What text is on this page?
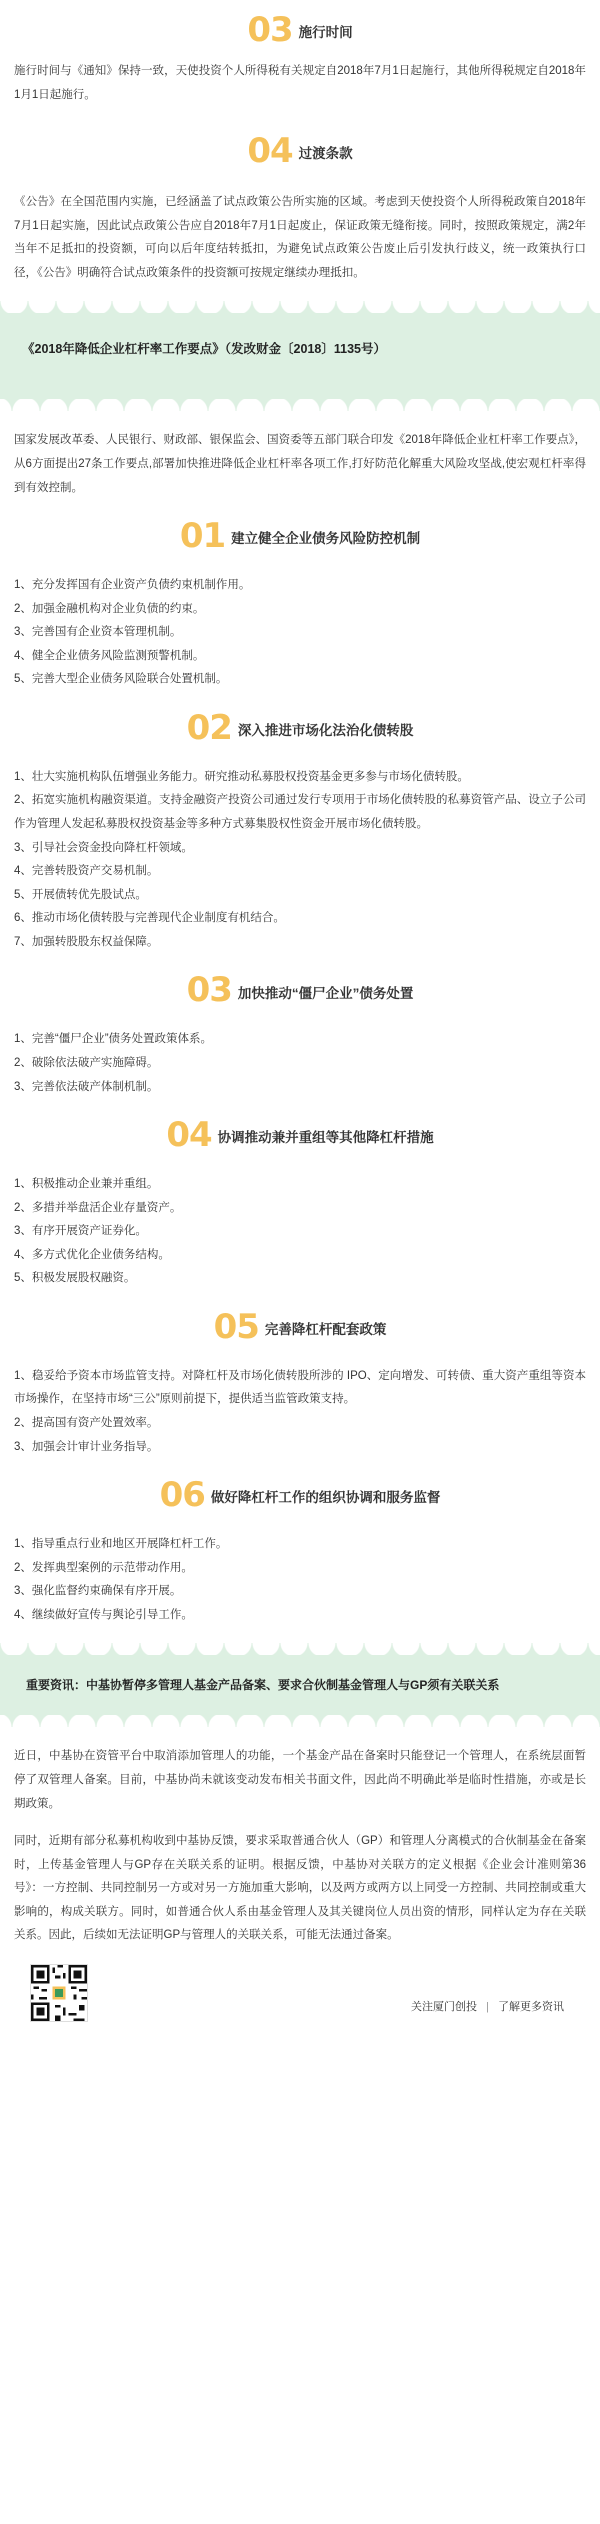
03 施行时间

施行时间与《通知》保持一致，天使投资个人所得税有关规定自2018年7月1日起施行，其他所得税规定自2018年1月1日起施行。

04 过渡条款

《公告》在全国范围内实施，已经涵盖了试点政策公告所实施的区域。考虑到天使投资个人所得税政策自2018年7月1日起实施，因此试点政策公告应自2018年7月1日起废止，保证政策无缝衔接。同时，按照政策规定，满2年当年不足抵扣的投资额，可向以后年度结转抵扣，为避免试点政策公告废止后引发执行歧义，统一政策执行口径，《公告》明确符合试点政策条件的投资额可按规定继续办理抵扣。

《2018年降低企业杠杆率工作要点》（发改财金〔2018〕1135号）

国家发展改革委、人民银行、财政部、银保监会、国资委等五部门联合印发《2018年降低企业杠杆率工作要点》，从6方面提出27条工作要点,部署加快推进降低企业杠杆率各项工作,打好防范化解重大风险攻坚战,使宏观杠杆率得到有效控制。

01 建立健全企业债务风险防控机制

1、充分发挥国有企业资产负债约束机制作用。

2、加强金融机构对企业负债的约束。

3、完善国有企业资本管理机制。

4、健全企业债务风险监测预警机制。

5、完善大型企业债务风险联合处置机制。

02 深入推进市场化法治化债转股

1、壮大实施机构队伍增强业务能力。研究推动私募股权投资基金更多参与市场化债转股。

2、拓宽实施机构融资渠道。支持金融资产投资公司通过发行专项用于市场化债转股的私募资管产品、设立子公司作为管理人发起私募股权投资基金等多种方式募集股权性资金开展市场化债转股。

3、引导社会资金投向降杠杆领域。

4、完善转股资产交易机制。

5、开展债转优先股试点。

6、推动市场化债转股与完善现代企业制度有机结合。

7、加强转股股东权益保障。

03 加快推动“僵尸企业”债务处置

1、完善“僵尸企业”债务处置政策体系。

2、破除依法破产实施障碍。

3、完善依法破产体制机制。

04 协调推动兼并重组等其他降杠杆措施

1、积极推动企业兼并重组。

2、多措并举盘活企业存量资产。

3、有序开展资产证券化。

4、多方式优化企业债务结构。

5、积极发展股权融资。

05 完善降杠杆配套政策

1、稳妥给予资本市场监管支持。对降杠杆及市场化债转股所涉的 IPO、定向增发、可转债、重大资产重组等资本市场操作，在坚持市场“三公”原则前提下，提供适当监管政策支持。

2、提高国有资产处置效率。

3、加强会计审计业务指导。

06 做好降杠杆工作的组织协调和服务监督

1、指导重点行业和地区开展降杠杆工作。

2、发挥典型案例的示范带动作用。

3、强化监督约束确保有序开展。

4、继续做好宣传与舆论引导工作。

重要资讯：中基协暂停多管理人基金产品备案、要求合伙制基金管理人与GP须有关联关系

近日，中基协在资管平台中取消添加管理人的功能，一个基金产品在备案时只能登记一个管理人，在系统层面暂停了双管理人备案。目前，中基协尚未就该变动发布相关书面文件，因此尚不明确此举是临时性措施，亦或是长期政策。

同时，近期有部分私募机构收到中基协反馈，要求采取普通合伙人（GP）和管理人分离模式的合伙制基金在备案时，上传基金管理人与GP存在关联关系的证明。根据反馈，中基协对关联方的定义根据《企业会计准则第36号》：一方控制、共同控制另一方或对另一方施加重大影响，以及两方或两方以上同受一方控制、共同控制或重大影响的，构成关联方。同时，如普通合伙人系由基金管理人及其关键岗位人员出资的情形，同样认定为存在关联关系。因此，后续如无法证明GP与管理人的关联关系，可能无法通过备案。

关注厦门创投 | 了解更多资讯
